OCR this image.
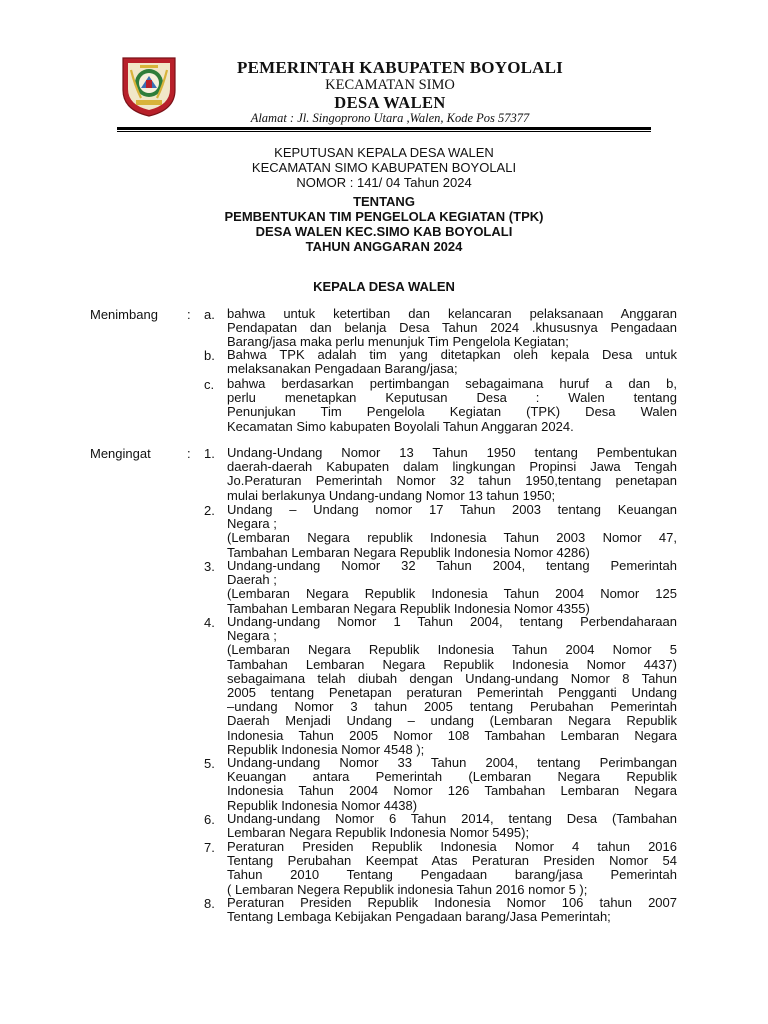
PEMERINTAH KABUPATEN BOYOLALI
KECAMATAN SIMO
DESA WALEN
Alamat : Jl. Singoprono Utara ,Walen, Kode Pos 57377
KEPUTUSAN KEPALA DESA WALEN
KECAMATAN SIMO KABUPATEN BOYOLALI
NOMOR : 141/ 04 Tahun 2024
TENTANG
PEMBENTUKAN TIM PENGELOLA KEGIATAN (TPK)
DESA WALEN KEC.SIMO KAB BOYOLALI
TAHUN ANGGARAN 2024
KEPALA DESA WALEN
Menimbang : a. bahwa untuk ketertiban dan kelancaran pelaksanaan Anggaran
Pendapatan dan belanja Desa Tahun 2024 .khususnya Pengadaan
Barang/jasa maka perlu menunjuk Tim Pengelola Kegiatan;
b. Bahwa TPK adalah tim yang ditetapkan oleh kepala Desa untuk
melaksanakan Pengadaan Barang/jasa;
c. bahwa berdasarkan pertimbangan sebagaimana huruf a dan b,
perlu menetapkan Keputusan Desa : Walen tentang
Penunjukan Tim Pengelola Kegiatan (TPK) Desa Walen
Kecamatan Simo kabupaten Boyolali Tahun Anggaran 2024.
Mengingat	: 1. Undang-Undang Nomor 13 Tahun 1950 tentang Pembentukan
daerah-daerah Kabupaten dalam lingkungan Propinsi Jawa Tengah
Jo.Peraturan Pemerintah Nomor 32 tahun 1950,tentang penetapan
mulai berlakunya Undang-undang Nomor 13 tahun 1950;
2. Undang – Undang nomor 17 Tahun 2003 tentang Keuangan
Negara ;
(Lembaran Negara republik Indonesia Tahun 2003 Nomor 47,
Tambahan Lembaran Negara Republik Indonesia Nomor 4286)
3. Undang-undang Nomor 32 Tahun 2004, tentang Pemerintah
Daerah ;
(Lembaran Negara Republik Indonesia Tahun 2004 Nomor 125
Tambahan Lembaran Negara Republik Indonesia Nomor 4355)
4. Undang-undang Nomor 1 Tahun 2004, tentang Perbendaharaan
Negara ;
(Lembaran Negara Republik Indonesia Tahun 2004 Nomor 5
Tambahan Lembaran Negara Republik Indonesia Nomor 4437)
sebagaimana telah diubah dengan Undang-undang Nomor 8 Tahun
2005 tentang Penetapan peraturan Pemerintah Pengganti Undang
–undang Nomor 3 tahun 2005 tentang Perubahan Pemerintah
Daerah Menjadi Undang – undang (Lembaran Negara Republik
Indonesia Tahun 2005 Nomor 108 Tambahan Lembaran Negara
Republik Indonesia Nomor 4548 );
5. Undang-undang Nomor 33 Tahun 2004, tentang Perimbangan
Keuangan antara Pemerintah (Lembaran Negara Republik
Indonesia Tahun 2004 Nomor 126 Tambahan Lembaran Negara
Republik Indonesia Nomor 4438)
6. Undang-undang Nomor 6 Tahun 2014, tentang Desa (Tambahan
Lembaran Negara Republik Indonesia Nomor 5495);
7. Peraturan Presiden Republik Indonesia Nomor 4 tahun 2016
Tentang Perubahan Keempat Atas Peraturan Presiden Nomor 54
Tahun 2010 Tentang Pengadaan barang/jasa Pemerintah
( Lembaran Negera Republik indonesia Tahun 2016 nomor 5 );
8. Peraturan Presiden Republik Indonesia Nomor 106 tahun 2007
Tentang Lembaga Kebijakan Pengadaan barang/Jasa Pemerintah;
